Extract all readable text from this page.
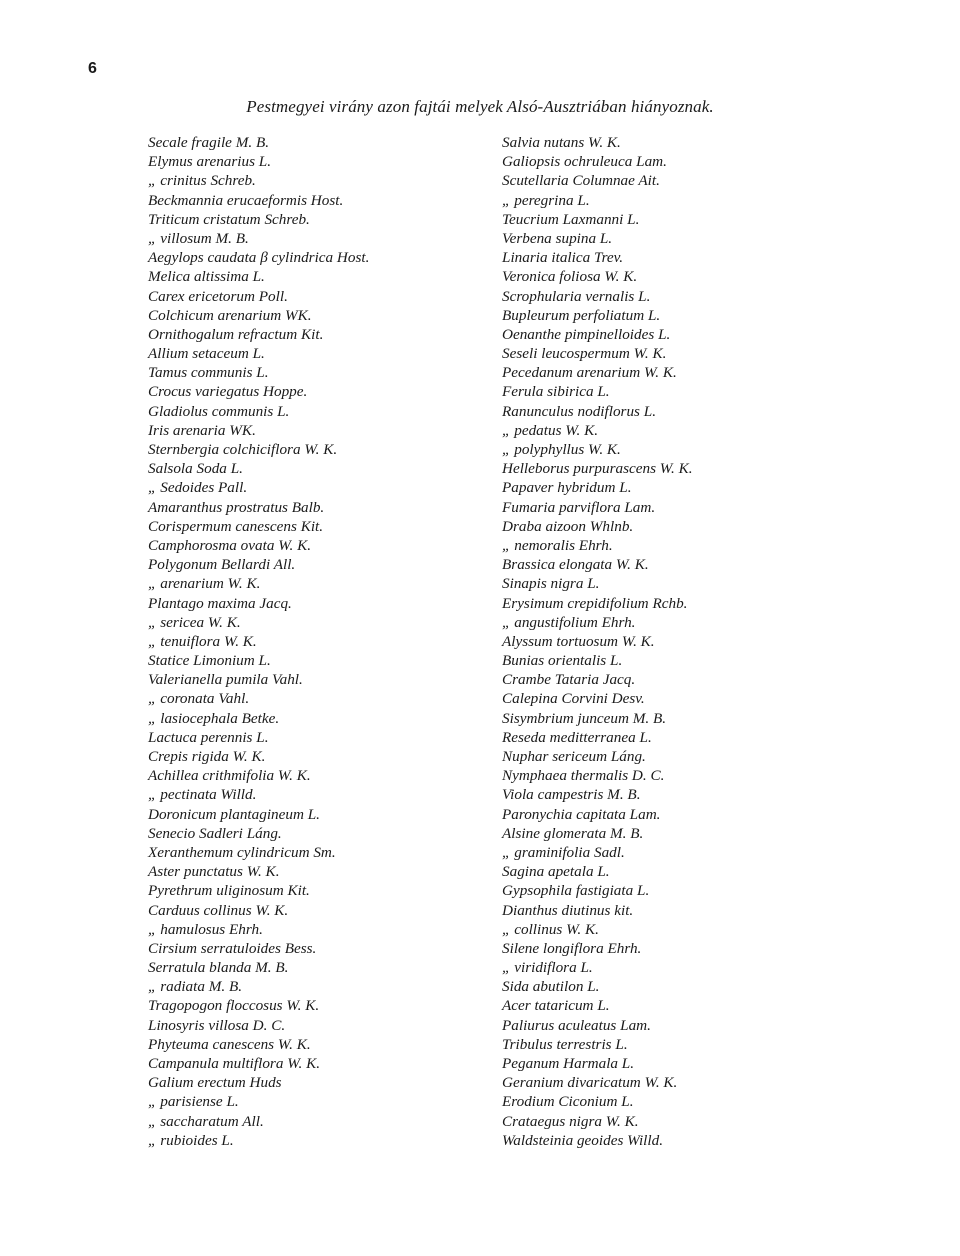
6
Pestmegyei virány azon fajtái melyek Alsó-Ausztriában hiányoznak.
Secale fragile M. B.
Elymus arenarius L.
„ crinitus Schreb.
Beckmannia erucaeformis Host.
Triticum cristatum Schreb.
„ villosum M. B.
Aegylops caudata β cylindrica Host.
Melica altissima L.
Carex ericetorum Poll.
Colchicum arenarium WK.
Ornithogalum refractum Kit.
Allium setaceum L.
Tamus communis L.
Crocus variegatus Hoppe.
Gladiolus communis L.
Iris arenaria WK.
Sternbergia colchiciflora W. K.
Salsola Soda L.
„ Sedoides Pall.
Amaranthus prostratus Balb.
Corispermum canescens Kit.
Camphorosma ovata W. K.
Polygonum Bellardi All.
„ arenarium W. K.
Plantago maxima Jacq.
„ sericea W. K.
„ tenuiflora W. K.
Statice Limonium L.
Valerianella pumila Vahl.
„ coronata Vahl.
„ lasiocephala Betke.
Lactuca perennis L.
Crepis rigida W. K.
Achillea crithmifolia W. K.
„ pectinata Willd.
Doronicum plantagineum L.
Senecio Sadleri Láng.
Xeranthemum cylindricum Sm.
Aster punctatus W. K.
Pyrethrum uliginosum Kit.
Carduus collinus W. K.
„ hamulosus Ehrh.
Cirsium serratuloides Bess.
Serratula blanda M. B.
„ radiata M. B.
Tragopogon floccosus W. K.
Linosyris villosa D. C.
Phyteuma canescens W. K.
Campanula multiflora W. K.
Galium erectum Huds
„ parisiense L.
„ saccharatum All.
„ rubioides L.
Salvia nutans W. K.
Galiopsis ochruleuca Lam.
Scutellaria Columnae Ait.
„ peregrina L.
Teucrium Laxmanni L.
Verbena supina L.
Linaria italica Trev.
Veronica foliosa W. K.
Scrophularia vernalis L.
Bupleurum perfoliatum L.
Oenanthe pimpinelloides L.
Seseli leucospermum W. K.
Pecedanum arenarium W. K.
Ferula sibirica L.
Ranunculus nodiflorus L.
„ pedatus W. K.
„ polyphyllus W. K.
Helleborus purpurascens W. K.
Papaver hybridum L.
Fumaria parviflora Lam.
Draba aizoon Whlnb.
„ nemoralis Ehrh.
Brassica elongata W. K.
Sinapis nigra L.
Erysimum crepidifolium Rchb.
„ angustifolium Ehrh.
Alyssum tortuosum W. K.
Bunias orientalis L.
Crambe Tataria Jacq.
Calepina Corvini Desv.
Sisymbrium junceum M. B.
Reseda meditterranea L.
Nuphar sericeum Láng.
Nymphaea thermalis D. C.
Viola campestris M. B.
Paronychia capitata Lam.
Alsine glomerata M. B.
„ graminifolia Sadl.
Sagina apetala L.
Gypsophila fastigiata L.
Dianthus diutinus kit.
„ collinus W. K.
Silene longiflora Ehrh.
„ viridiflora L.
Sida abutilon L.
Acer tataricum L.
Paliurus aculeatus Lam.
Tribulus terrestris L.
Peganum Harmala L.
Geranium divaricatum W. K.
Erodium Ciconium L.
Crataegus nigra W. K.
Waldsteinia geoides Willd.
